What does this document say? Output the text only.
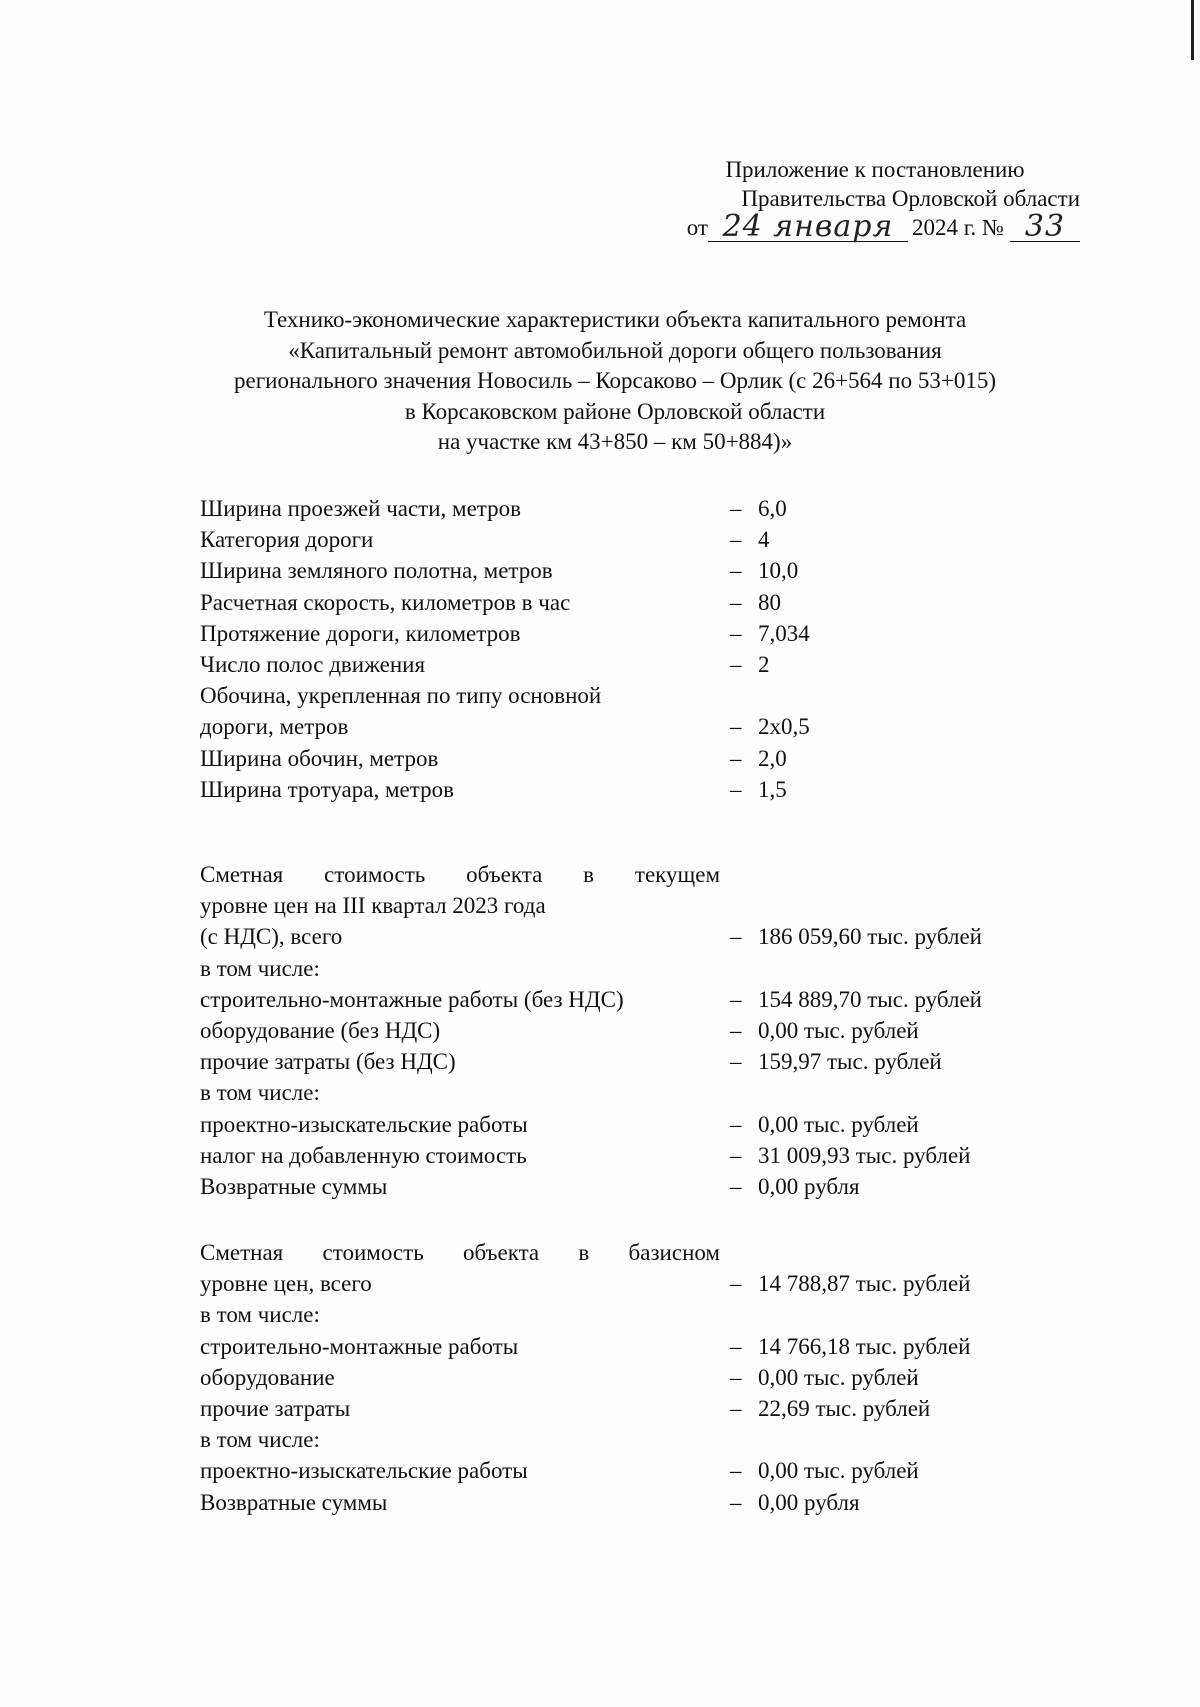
Приложение к постановлению
Правительства Орловской области
от 24 января 2024 г. № 33
Технико-экономические характеристики объекта капитального ремонта
«Капитальный ремонт автомобильной дороги общего пользования
регионального значения Новосиль – Корсаково – Орлик (с 26+564 по 53+015)
в Корсаковском районе Орловской области
на участке км 43+850 – км 50+884)»
Ширина проезжей части, метров	– 6,0
Категория дороги	– 4
Ширина земляного полотна, метров	– 10,0
Расчетная скорость, километров в час	– 80
Протяжение дороги, километров	– 7,034
Число полос движения	– 2
Обочина, укрепленная по типу основной
дороги, метров	– 2x0,5
Ширина обочин, метров	– 2,0
Ширина тротуара, метров	– 1,5
Сметная стоимость объекта в текущем
уровне цен на III квартал 2023 года
(с НДС), всего	– 186 059,60 тыс. рублей
в том числе:
строительно-монтажные работы (без НДС)	– 154 889,70 тыс. рублей
оборудование (без НДС)	– 0,00 тыс. рублей
прочие затраты (без НДС)	– 159,97 тыс. рублей
в том числе:
проектно-изыскательские работы	– 0,00 тыс. рублей
налог на добавленную стоимость	– 31 009,93 тыс. рублей
Возвратные суммы	– 0,00 рубля
Сметная стоимость объекта в базисном
уровне цен, всего	– 14 788,87 тыс. рублей
в том числе:
строительно-монтажные работы	– 14 766,18 тыс. рублей
оборудование	– 0,00 тыс. рублей
прочие затраты	– 22,69 тыс. рублей
в том числе:
проектно-изыскательские работы	– 0,00 тыс. рублей
Возвратные суммы	– 0,00 рубля
